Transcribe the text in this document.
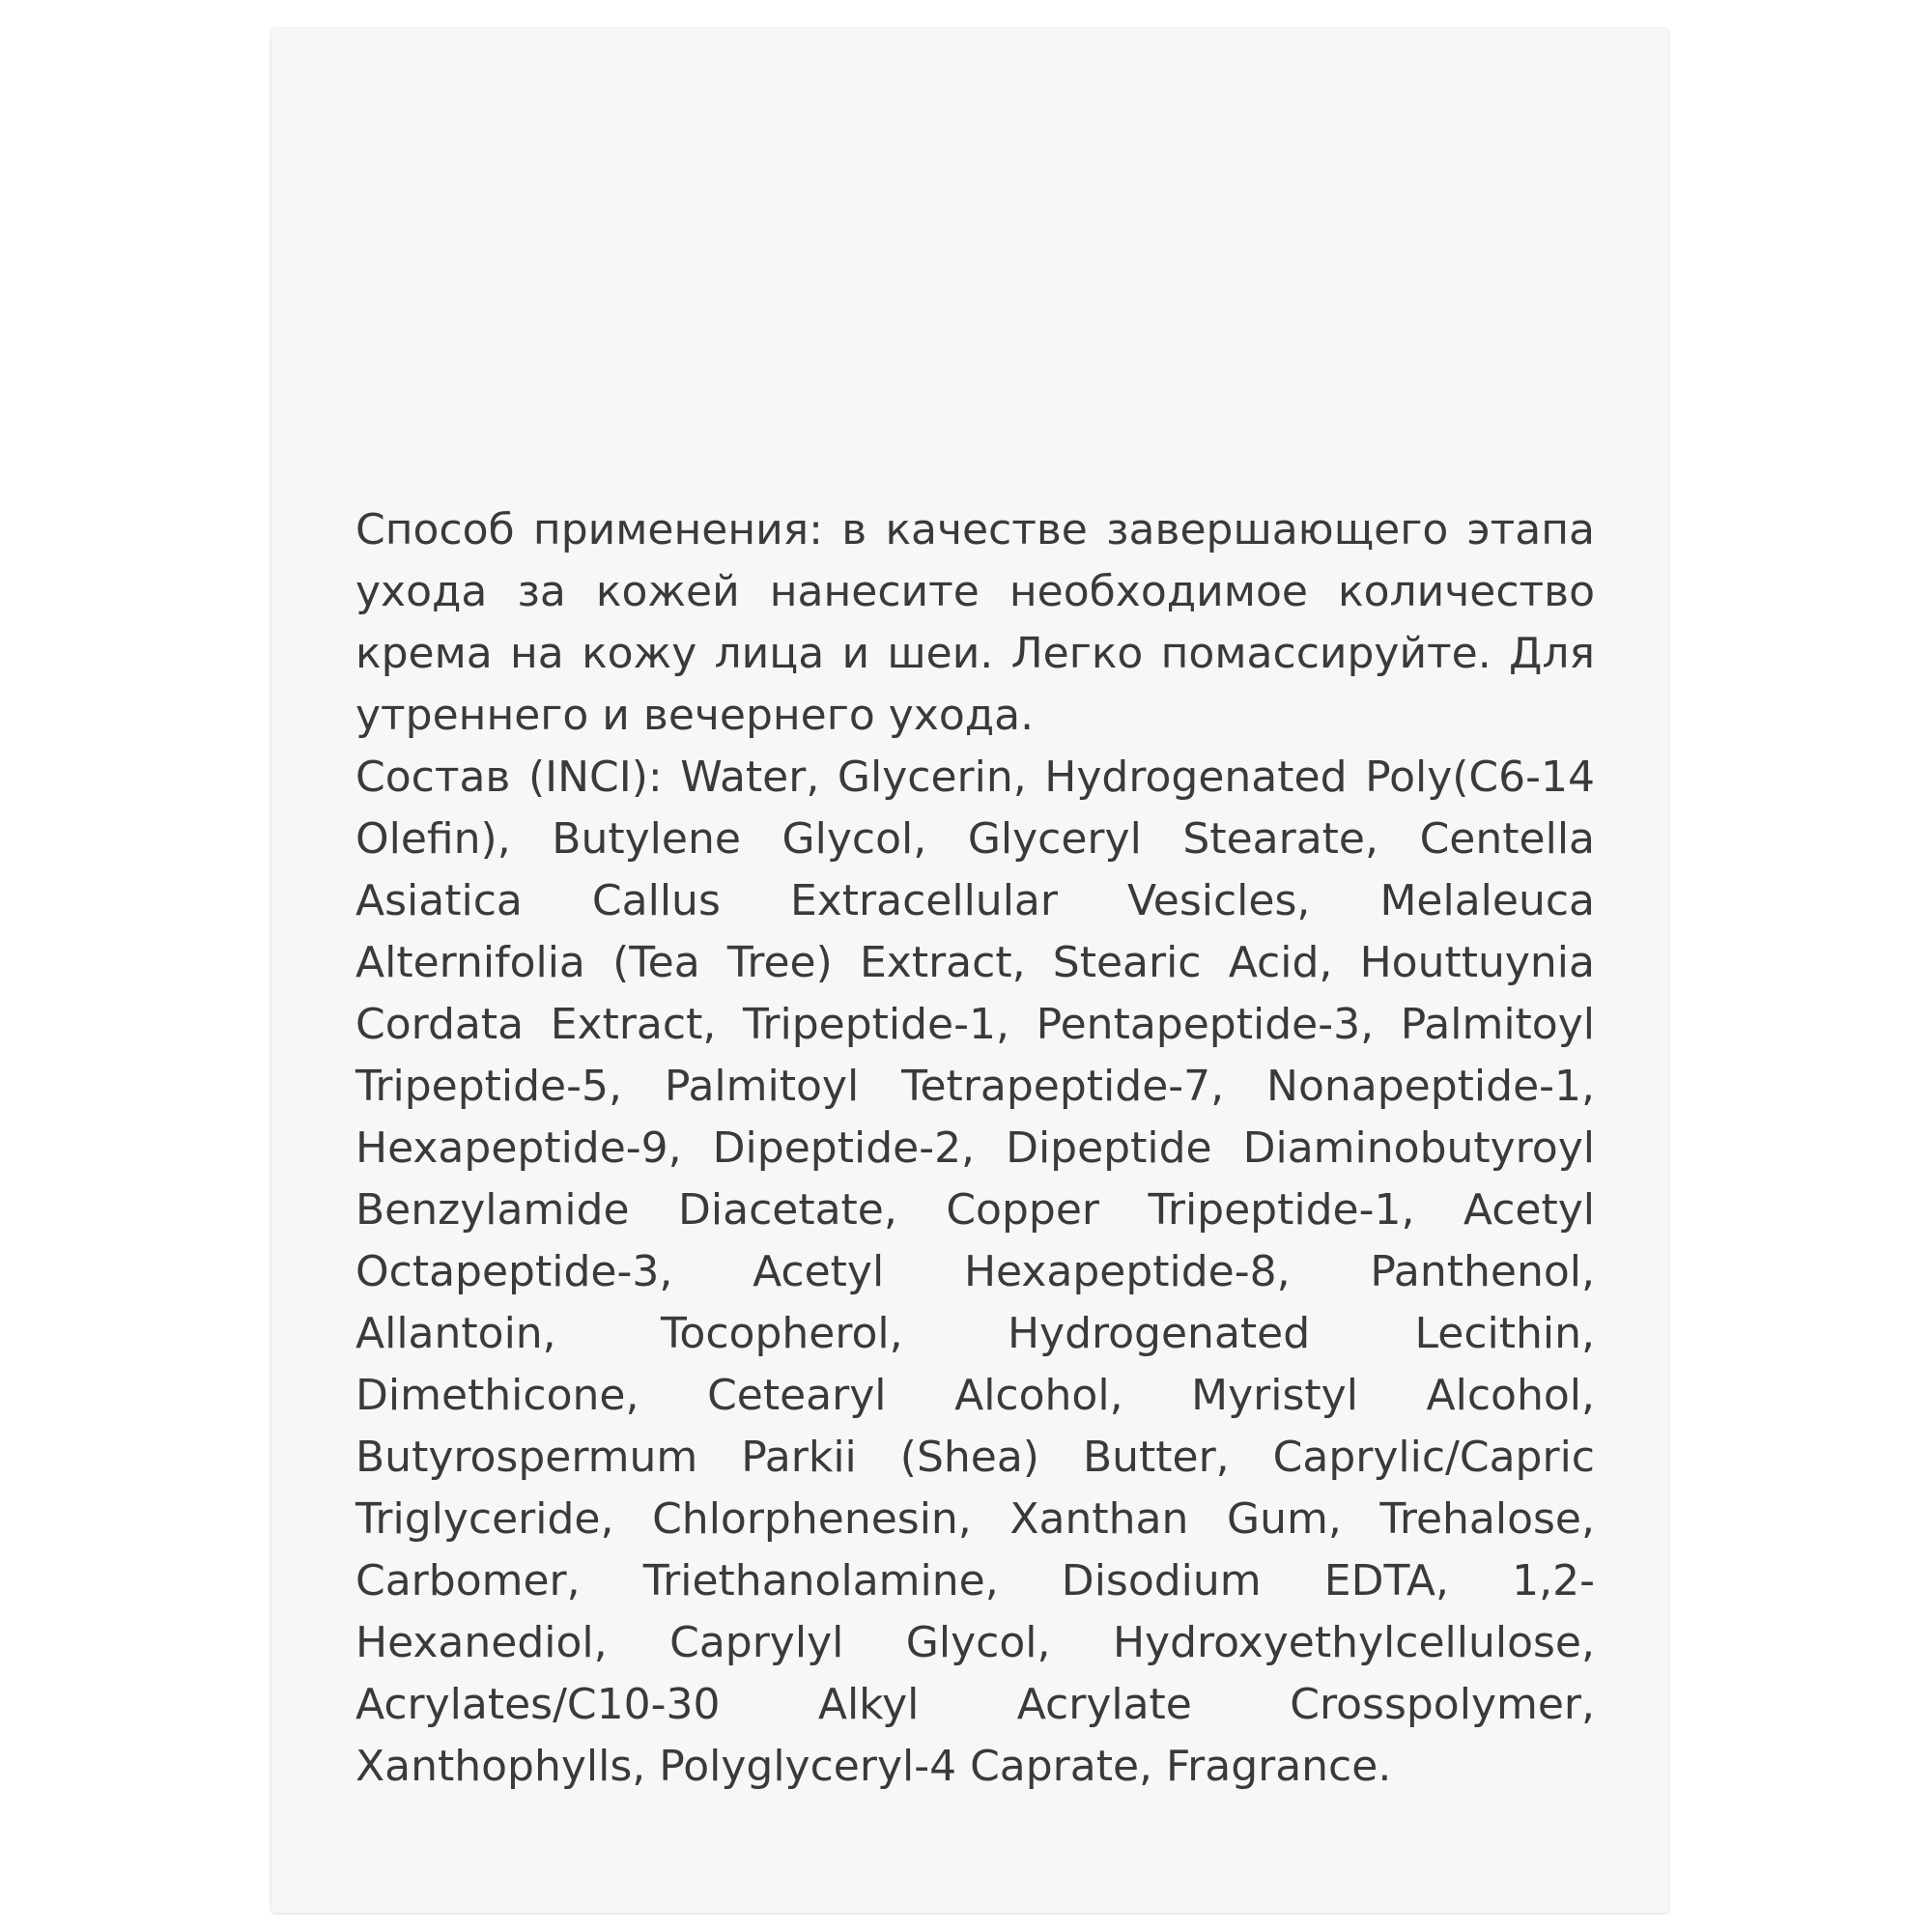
Способ применения: в качестве завершающего этапа ухода за кожей нанесите необходимое количество крема на кожу лица и шеи. Легко помассируйте. Для утреннего и вечернего ухода.

Состав (INCI): Water, Glycerin, Hydrogenated Poly(C6-14 Olefin), Butylene Glycol, Glyceryl Stearate, Centella Asiatica Callus Extracellular Vesicles, Melaleuca Alternifolia (Tea Tree) Extract, Stearic Acid, Houttuynia Cordata Extract, Tripeptide-1, Pentapeptide-3, Palmitoyl Tripeptide-5, Palmitoyl Tetrapeptide-7, Nonapeptide-1, Hexapeptide-9, Dipeptide-2, Dipeptide Diaminobutyroyl Benzylamide Diacetate, Copper Tripeptide-1, Acetyl Octapeptide-3, Acetyl Hexapeptide-8, Panthenol, Allantoin, Tocopherol, Hydrogenated Lecithin, Dimethicone, Cetearyl Alcohol, Myristyl Alcohol, Butyrospermum Parkii (Shea) Butter, Caprylic/Capric Triglyceride, Chlorphenesin, Xanthan Gum, Trehalose, Carbomer, Triethanolamine, Disodium EDTA, 1,2-Hexanediol, Caprylyl Glycol, Hydroxyethylcellulose, Acrylates/C10-30 Alkyl Acrylate Crosspolymer, Xanthophylls, Polyglyceryl-4 Caprate, Fragrance.
